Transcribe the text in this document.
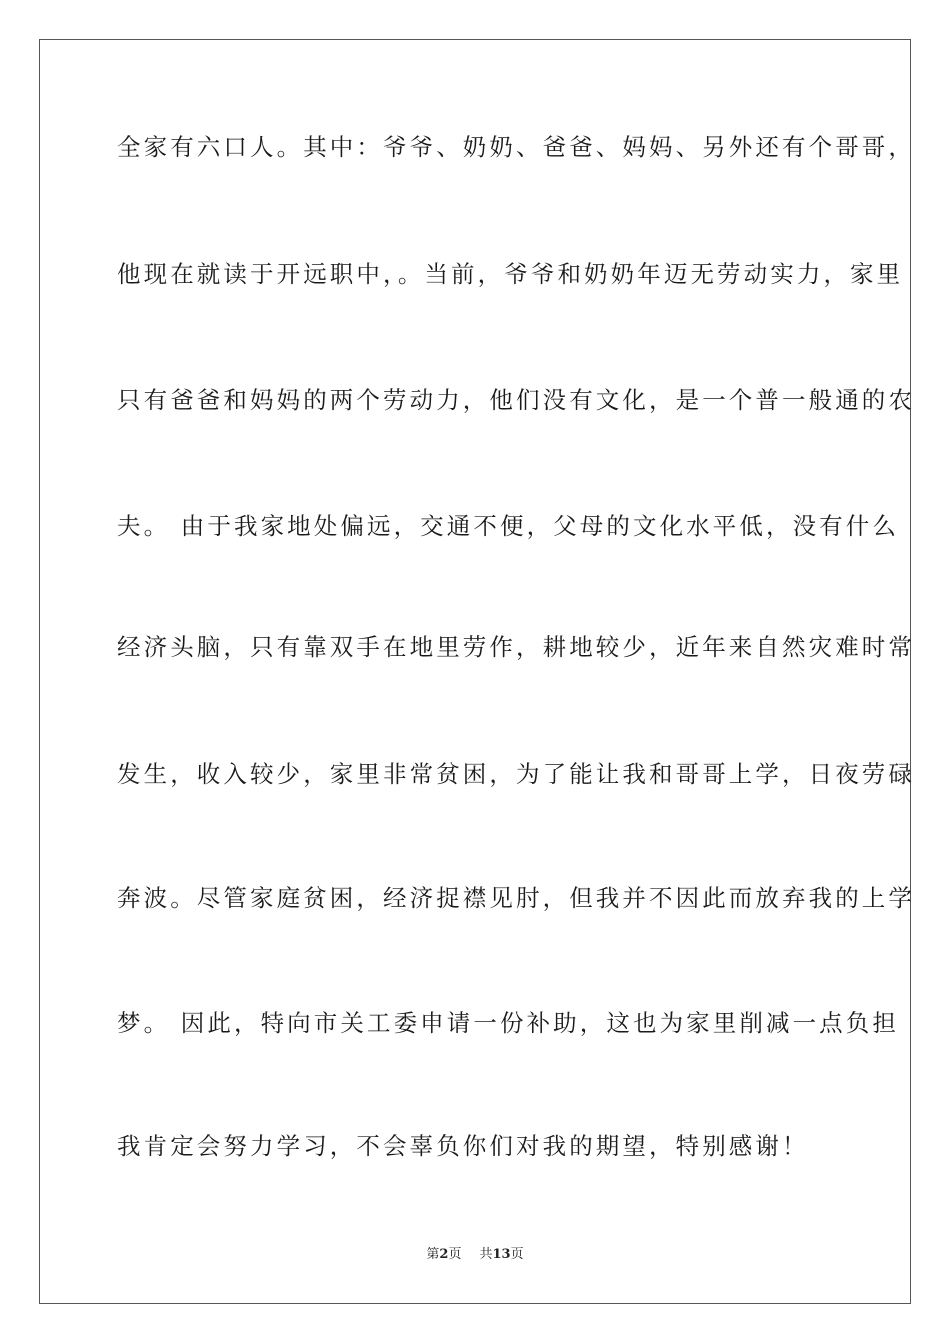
全家有六口人。其中：爷爷、奶奶、爸爸、妈妈、另外还有个哥哥，
他现在就读于开远职中，。当前，爷爷和奶奶年迈无劳动实力，家里
只有爸爸和妈妈的两个劳动力，他们没有文化，是一个普一般通的农
夫。 由于我家地处偏远，交通不便，父母的文化水平低，没有什么
经济头脑，只有靠双手在地里劳作，耕地较少，近年来自然灾难时常
发生，收入较少，家里非常贫困，为了能让我和哥哥上学，日夜劳碌
奔波。尽管家庭贫困，经济捉襟见肘，但我并不因此而放弃我的上学
梦。 因此，特向市关工委申请一份补助，这也为家里削减一点负担
我肯定会努力学习，不会辜负你们对我的期望，特别感谢！
第2页 共13页
